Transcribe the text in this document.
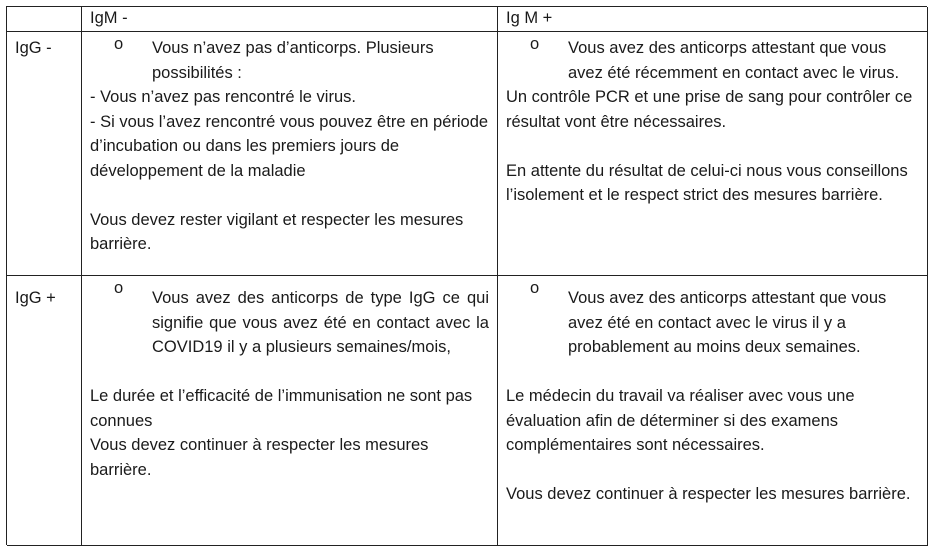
IgM -	Ig M +
IgG -	o Vous n’avez pas d’anticorps. Plusieurs possibilités :
- Vous n’avez pas rencontré le virus.
- Si vous l’avez rencontré vous pouvez être en période d’incubation ou dans les premiers jours de développement de la maladie
Vous devez rester vigilant et respecter les mesures barrière.
o Vous avez des anticorps attestant que vous avez été récemment en contact avec le virus.
Un contrôle PCR et une prise de sang pour contrôler ce résultat vont être nécessaires.
En attente du résultat de celui-ci nous vous conseillons l’isolement et le respect strict des mesures barrière.
IgG +
o
Vous avez des anticorps de type IgG ce qui signifie que vous avez été en contact avec la COVID19 il y a plusieurs semaines/mois,
Le durée et l’efficacité de l’immunisation ne sont pas connues
Vous devez continuer à respecter les mesures barrière.
o
Vous avez des anticorps attestant que vous avez été en contact avec le virus il y a probablement au moins deux semaines.
Le médecin du travail va réaliser avec vous une évaluation afin de déterminer si des examens complémentaires sont nécessaires.
Vous devez continuer à respecter les mesures barrière.
